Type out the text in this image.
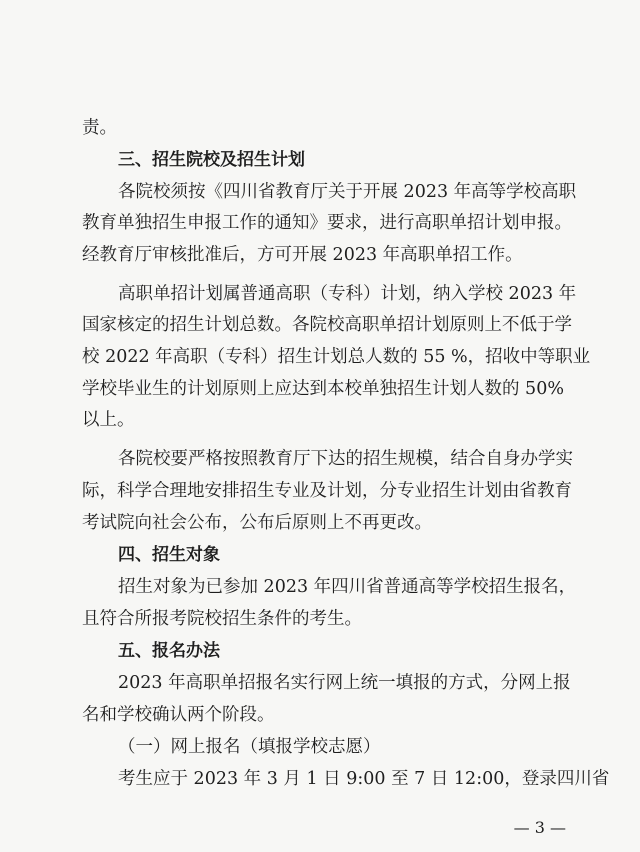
责。
三、招生院校及招生计划
各院校须按《四川省教育厅关于开展 2023 年高等学校高职
教育单独招生申报工作的通知》要求，进行高职单招计划申报。
经教育厅审核批准后，方可开展 2023 年高职单招工作。
高职单招计划属普通高职（专科）计划，纳入学校 2023 年
国家核定的招生计划总数。各院校高职单招计划原则上不低于学
校 2022 年高职（专科）招生计划总人数的 55 %，招收中等职业
学校毕业生的计划原则上应达到本校单独招生计划人数的 50%
以上。
各院校要严格按照教育厅下达的招生规模，结合自身办学实
际，科学合理地安排招生专业及计划，分专业招生计划由省教育
考试院向社会公布，公布后原则上不再更改。
四、招生对象
招生对象为已参加 2023 年四川省普通高等学校招生报名，
且符合所报考院校招生条件的考生。
五、报名办法
2023 年高职单招报名实行网上统一填报的方式，分网上报
名和学校确认两个阶段。
（一）网上报名（填报学校志愿）
考生应于 2023 年 3 月 1 日 9:00 至 7 日 12:00，登录四川省
— 3 —
